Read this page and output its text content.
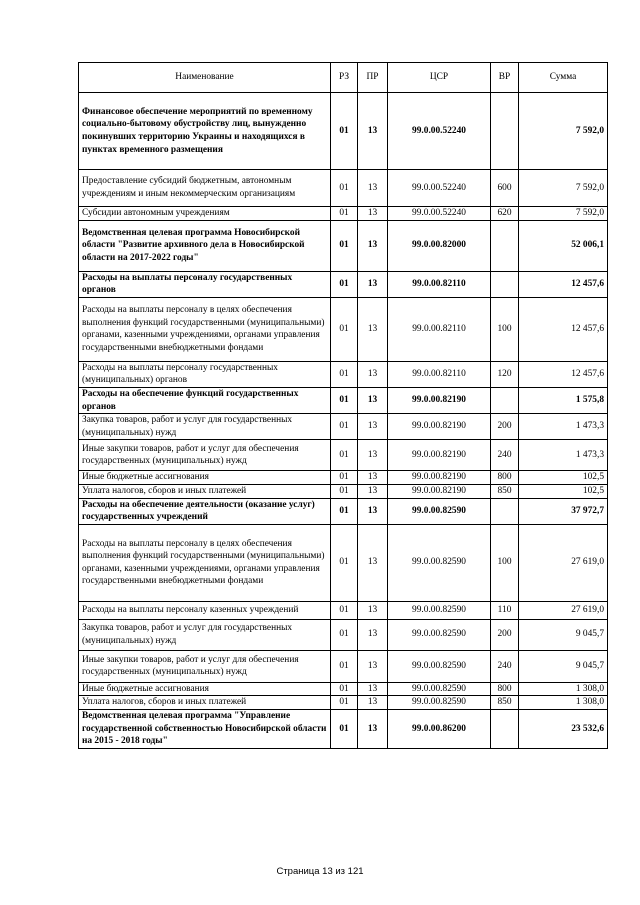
Наименование	РЗ	ПР	ЦСР	ВР	Сумма
Финансовое обеспечение мероприятий по временному социально-бытовому обустройству лиц, вынужденно покинувших территорию Украины и находящихся в пунктах временного размещения	01	13	99.0.00.52240		7 592,0
Предоставление субсидий бюджетным, автономным учреждениям и иным некоммерческим организациям	01	13	99.0.00.52240	600	7 592,0
Субсидии автономным учреждениям	01	13	99.0.00.52240	620	7 592,0
Ведомственная целевая программа Новосибирской области "Развитие архивного дела в Новосибирской области на 2017-2022 годы"	01	13	99.0.00.82000		52 006,1
Расходы на выплаты персоналу государственных органов	01	13	99.0.00.82110		12 457,6
Расходы на выплаты персоналу в целях обеспечения выполнения функций государственными (муниципальными) органами, казенными учреждениями, органами управления государственными внебюджетными фондами	01	13	99.0.00.82110	100	12 457,6
Расходы на выплаты персоналу государственных (муниципальных) органов	01	13	99.0.00.82110	120	12 457,6
Расходы на обеспечение функций государственных органов	01	13	99.0.00.82190		1 575,8
Закупка товаров, работ и услуг для государственных (муниципальных) нужд	01	13	99.0.00.82190	200	1 473,3
Иные закупки товаров, работ и услуг для обеспечения государственных (муниципальных) нужд	01	13	99.0.00.82190	240	1 473,3
Иные бюджетные ассигнования	01	13	99.0.00.82190	800	102,5
Уплата налогов, сборов и иных платежей	01	13	99.0.00.82190	850	102,5
Расходы на обеспечение деятельности (оказание услуг) государственных учреждений	01	13	99.0.00.82590		37 972,7
Расходы на выплаты персоналу в целях обеспечения выполнения функций государственными (муниципальными) органами, казенными учреждениями, органами управления государственными внебюджетными фондами	01	13	99.0.00.82590	100	27 619,0
Расходы на выплаты персоналу казенных учреждений	01	13	99.0.00.82590	110	27 619,0
Закупка товаров, работ и услуг для государственных (муниципальных) нужд	01	13	99.0.00.82590	200	9 045,7
Иные закупки товаров, работ и услуг для обеспечения государственных (муниципальных) нужд	01	13	99.0.00.82590	240	9 045,7
Иные бюджетные ассигнования	01	13	99.0.00.82590	800	1 308,0
Уплата налогов, сборов и иных платежей	01	13	99.0.00.82590	850	1 308,0
Ведомственная целевая программа "Управление государственной собственностью Новосибирской области на 2015 - 2018 годы"	01	13	99.0.00.86200		23 532,6
Страница 13 из 121
